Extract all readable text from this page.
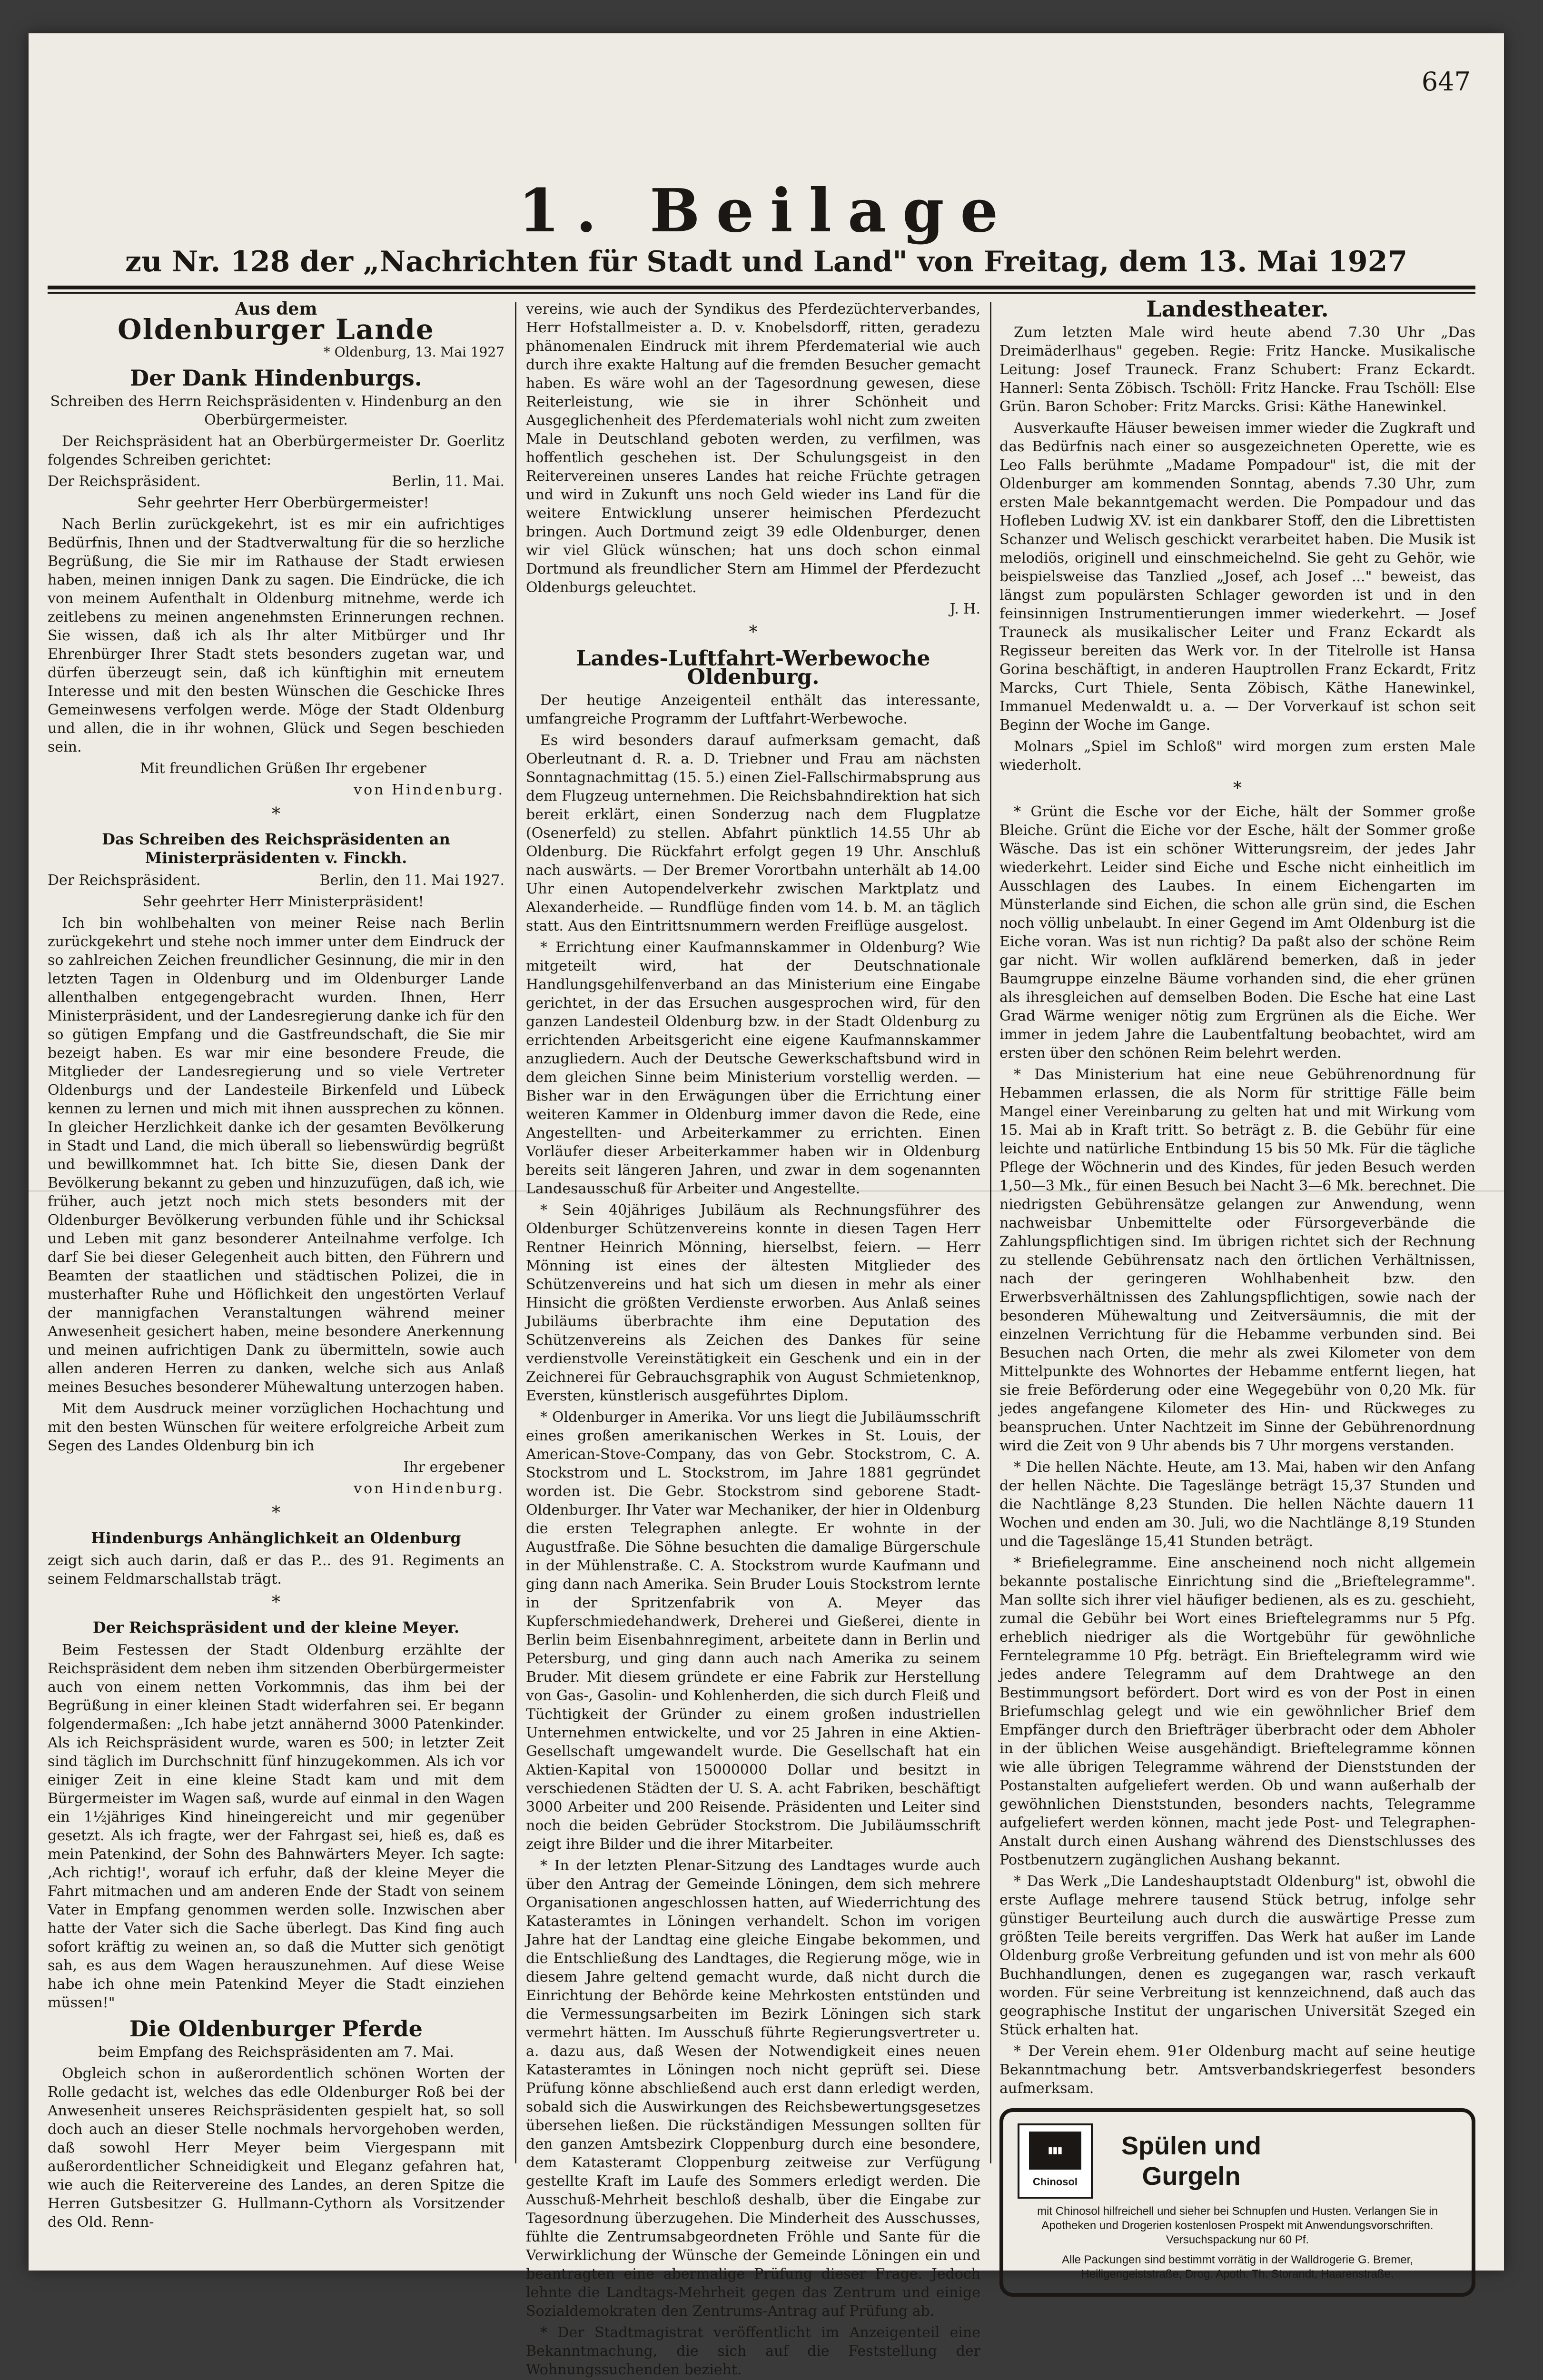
647
1. Beilage
zu Nr. 128 der „Nachrichten für Stadt und Land" von Freitag, dem 13. Mai 1927
Aus dem
Oldenburger Lande
* Oldenburg, 13. Mai 1927
Der Dank Hindenburgs.

Schreiben des Herrn Reichspräsidenten v. Hindenburg an den Oberbürgermeister.

Der Reichspräsident hat an Oberbürgermeister Dr. Goerlitz folgendes Schreiben gerichtet:

Der Reichspräsident.	Berlin, 11. Mai.

Sehr geehrter Herr Oberbürgermeister!

Nach Berlin zurückgekehrt, ist es mir ein aufrichtiges Bedürfnis, Ihnen und der Stadtverwaltung für die so herzliche Begrüßung, die Sie mir im Rathause der Stadt erwiesen haben, meinen innigen Dank zu sagen. Die Eindrücke, die ich von meinem Aufenthalt in Oldenburg mitnehme, werde ich zeitlebens zu meinen angenehmsten Erinnerungen rechnen. Sie wissen, daß ich als Ihr alter Mitbürger und Ihr Ehrenbürger Ihrer Stadt stets besonders zugetan war, und dürfen überzeugt sein, daß ich künftighin mit erneutem Interesse und mit den besten Wünschen die Geschicke Ihres Gemeinwesens verfolgen werde. Möge der Stadt Oldenburg und allen, die in ihr wohnen, Glück und Segen beschieden sein.

Mit freundlichen Grüßen Ihr ergebener

von Hindenburg.
*
Das Schreiben des Reichspräsidenten an Ministerpräsidenten v. Finckh.

Der Reichspräsident.	Berlin, den 11. Mai 1927.

Sehr geehrter Herr Ministerpräsident!

Ich bin wohlbehalten von meiner Reise nach Berlin zurückgekehrt und stehe noch immer unter dem Eindruck der so zahlreichen Zeichen freundlicher Gesinnung, die mir in den letzten Tagen in Oldenburg und im Oldenburger Lande allenthalben entgegengebracht wurden. Ihnen, Herr Ministerpräsident, und der Landesregierung danke ich für den so gütigen Empfang und die Gastfreundschaft, die Sie mir bezeigt haben. Es war mir eine besondere Freude, die Mitglieder der Landesregierung und so viele Vertreter Oldenburgs und der Landesteile Birkenfeld und Lübeck kennen zu lernen und mich mit ihnen aussprechen zu können. In gleicher Herzlichkeit danke ich der gesamten Bevölkerung in Stadt und Land, die mich überall so liebenswürdig begrüßt und bewillkommnet hat. Ich bitte Sie, diesen Dank der Bevölkerung bekannt zu geben und hinzuzufügen, daß ich, wie früher, auch jetzt noch mich stets besonders mit der Oldenburger Bevölkerung verbunden fühle und ihr Schicksal und Leben mit ganz besonderer Anteilnahme verfolge. Ich darf Sie bei dieser Gelegenheit auch bitten, den Führern und Beamten der staatlichen und städtischen Polizei, die in musterhafter Ruhe und Höflichkeit den ungestörten Verlauf der mannigfachen Veranstaltungen während meiner Anwesenheit gesichert haben, meine besondere Anerkennung und meinen aufrichtigen Dank zu übermitteln, sowie auch allen anderen Herren zu danken, welche sich aus Anlaß meines Besuches besonderer Mühewaltung unterzogen haben.

Mit dem Ausdruck meiner vorzüglichen Hochachtung und mit den besten Wünschen für weitere erfolgreiche Arbeit zum Segen des Landes Oldenburg bin ich

Ihr ergebener

von Hindenburg.
*
Hindenburgs Anhänglichkeit an Oldenburg

zeigt sich auch darin, daß er das P... des 91. Regiments an seinem Feldmarschallstab trägt.

*
Der Reichspräsident und der kleine Meyer.

Beim Festessen der Stadt Oldenburg erzählte der Reichspräsident dem neben ihm sitzenden Oberbürgermeister auch von einem netten Vorkommnis, das ihm bei der Begrüßung in einer kleinen Stadt widerfahren sei. Er begann folgendermaßen: „Ich habe jetzt annähernd 3000 Patenkinder. Als ich Reichspräsident wurde, waren es 500; in letzter Zeit sind täglich im Durchschnitt fünf hinzugekommen. Als ich vor einiger Zeit in eine kleine Stadt kam und mit dem Bürgermeister im Wagen saß, wurde auf einmal in den Wagen ein 1½jähriges Kind hineingereicht und mir gegenüber gesetzt. Als ich fragte, wer der Fahrgast sei, hieß es, daß es mein Patenkind, der Sohn des Bahnwärters Meyer. Ich sagte: ‚Ach richtig!', worauf ich erfuhr, daß der kleine Meyer die Fahrt mitmachen und am anderen Ende der Stadt von seinem Vater in Empfang genommen werden solle. Inzwischen aber hatte der Vater sich die Sache überlegt. Das Kind fing auch sofort kräftig zu weinen an, so daß die Mutter sich genötigt sah, es aus dem Wagen herauszunehmen. Auf diese Weise habe ich ohne mein Patenkind Meyer die Stadt einziehen müssen!"

Die Oldenburger Pferde

beim Empfang des Reichspräsidenten am 7. Mai.

Obgleich schon in außerordentlich schönen Worten der Rolle gedacht ist, welches das edle Oldenburger Roß bei der Anwesenheit unseres Reichspräsidenten gespielt hat, so soll doch auch an dieser Stelle nochmals hervorgehoben werden, daß sowohl Herr Meyer beim Viergespann mit außerordentlicher Schneidigkeit und Eleganz gefahren hat, wie auch die Reitervereine des Landes, an deren Spitze die Herren Gutsbesitzer G. Hullmann-Cythorn als Vorsitzender des Old. Renn-

vereins, wie auch der Syndikus des Pferdezüchterverbandes, Herr Hofstallmeister a. D. v. Knobelsdorff, ritten, geradezu phänomenalen Eindruck mit ihrem Pferdematerial wie auch durch ihre exakte Haltung auf die fremden Besucher gemacht haben. Es wäre wohl an der Tagesordnung gewesen, diese Reiterleistung, wie sie in ihrer Schönheit und Ausgeglichenheit des Pferdematerials wohl nicht zum zweiten Male in Deutschland geboten werden, zu verfilmen, was hoffentlich geschehen ist. Der Schulungsgeist in den Reitervereinen unseres Landes hat reiche Früchte getragen und wird in Zukunft uns noch Geld wieder ins Land für die weitere Entwicklung unserer heimischen Pferdezucht bringen. Auch Dortmund zeigt 39 edle Oldenburger, denen wir viel Glück wünschen; hat uns doch schon einmal Dortmund als freundlicher Stern am Himmel der Pferdezucht Oldenburgs geleuchtet.

J. H.

*
Landes-Luftfahrt-Werbewoche Oldenburg.

Der heutige Anzeigenteil enthält das interessante, umfangreiche Programm der Luftfahrt-Werbewoche.

Es wird besonders darauf aufmerksam gemacht, daß Oberleutnant d. R. a. D. Triebner und Frau am nächsten Sonntagnachmittag (15. 5.) einen Ziel-Fallschirmabsprung aus dem Flugzeug unternehmen. Die Reichsbahndirektion hat sich bereit erklärt, einen Sonderzug nach dem Flugplatze (Osenerfeld) zu stellen. Abfahrt pünktlich 14.55 Uhr ab Oldenburg. Die Rückfahrt erfolgt gegen 19 Uhr. Anschluß nach auswärts. — Der Bremer Vorortbahn unterhält ab 14.00 Uhr einen Autopendelverkehr zwischen Marktplatz und Alexanderheide. — Rundflüge finden vom 14. b. M. an täglich statt. Aus den Eintrittsnummern werden Freiflüge ausgelost.

* Errichtung einer Kaufmannskammer in Oldenburg? Wie mitgeteilt wird, hat der Deutschnationale Handlungsgehilfenverband an das Ministerium eine Eingabe gerichtet, in der das Ersuchen ausgesprochen wird, für den ganzen Landesteil Oldenburg bzw. in der Stadt Oldenburg zu errichtenden Arbeitsgericht eine eigene Kaufmannskammer anzugliedern. Auch der Deutsche Gewerkschaftsbund wird in dem gleichen Sinne beim Ministerium vorstellig werden. — Bisher war in den Erwägungen über die Errichtung einer weiteren Kammer in Oldenburg immer davon die Rede, eine Angestellten- und Arbeiterkammer zu errichten. Einen Vorläufer dieser Arbeiterkammer haben wir in Oldenburg bereits seit längeren Jahren, und zwar in dem sogenannten Landesausschuß für Arbeiter und Angestellte.

* Sein 40jähriges Jubiläum als Rechnungsführer des Oldenburger Schützenvereins konnte in diesen Tagen Herr Rentner Heinrich Mönning, hierselbst, feiern. — Herr Mönning ist eines der ältesten Mitglieder des Schützenvereins und hat sich um diesen in mehr als einer Hinsicht die größten Verdienste erworben. Aus Anlaß seines Jubiläums überbrachte ihm eine Deputation des Schützenvereins als Zeichen des Dankes für seine verdienstvolle Vereinstätigkeit ein Geschenk und ein in der Zeichnerei für Gebrauchsgraphik von August Schmietenknop, Eversten, künstlerisch ausgeführtes Diplom.

* Oldenburger in Amerika. Vor uns liegt die Jubiläumsschrift eines großen amerikanischen Werkes in St. Louis, der American-Stove-Company, das von Gebr. Stockstrom, C. A. Stockstrom und L. Stockstrom, im Jahre 1881 gegründet worden ist. Die Gebr. Stockstrom sind geborene Stadt-Oldenburger. Ihr Vater war Mechaniker, der hier in Oldenburg die ersten Telegraphen anlegte. Er wohnte in der Augustfraße. Die Söhne besuchten die damalige Bürgerschule in der Mühlenstraße. C. A. Stockstrom wurde Kaufmann und ging dann nach Amerika. Sein Bruder Louis Stockstrom lernte in der Spritzenfabrik von A. Meyer das Kupferschmiedehandwerk, Dreherei und Gießerei, diente in Berlin beim Eisenbahnregiment, arbeitete dann in Berlin und Petersburg, und ging dann auch nach Amerika zu seinem Bruder. Mit diesem gründete er eine Fabrik zur Herstellung von Gas-, Gasolin- und Kohlenherden, die sich durch Fleiß und Tüchtigkeit der Gründer zu einem großen industriellen Unternehmen entwickelte, und vor 25 Jahren in eine Aktien-Gesellschaft umgewandelt wurde. Die Gesellschaft hat ein Aktien-Kapital von 15000000 Dollar und besitzt in verschiedenen Städten der U. S. A. acht Fabriken, beschäftigt 3000 Arbeiter und 200 Reisende. Präsidenten und Leiter sind noch die beiden Gebrüder Stockstrom. Die Jubiläumsschrift zeigt ihre Bilder und die ihrer Mitarbeiter.

* In der letzten Plenar-Sitzung des Landtages wurde auch über den Antrag der Gemeinde Löningen, dem sich mehrere Organisationen angeschlossen hatten, auf Wiederrichtung des Katasteramtes in Löningen verhandelt. Schon im vorigen Jahre hat der Landtag eine gleiche Eingabe bekommen, und die Entschließung des Landtages, die Regierung möge, wie in diesem Jahre geltend gemacht wurde, daß nicht durch die Einrichtung der Behörde keine Mehrkosten entstünden und die Vermessungsarbeiten im Bezirk Löningen sich stark vermehrt hätten. Im Ausschuß führte Regierungsvertreter u. a. dazu aus, daß Wesen der Notwendigkeit eines neuen Katasteramtes in Löningen noch nicht geprüft sei. Diese Prüfung könne abschließend auch erst dann erledigt werden, sobald sich die Auswirkungen des Reichsbewertungsgesetzes übersehen ließen. Die rückständigen Messungen sollten für den ganzen Amtsbezirk Cloppenburg durch eine besondere, dem Katasteramt Cloppenburg zeitweise zur Verfügung gestellte Kraft im Laufe des Sommers erledigt werden. Die Ausschuß-Mehrheit beschloß deshalb, über die Eingabe zur Tagesordnung überzugehen. Die Minderheit des Ausschusses, fühlte die Zentrumsabgeordneten Fröhle und Sante für die Verwirklichung der Wünsche der Gemeinde Löningen ein und beantragten eine abermalige Prüfung dieser Frage. Jedoch lehnte die Landtags-Mehrheit gegen das Zentrum und einige Sozialdemokraten den Zentrums-Antrag auf Prüfung ab.

* Der Stadtmagistrat veröffentlicht im Anzeigenteil eine Bekanntmachung, die sich auf die Feststellung der Wohnungssuchenden bezieht.

Landestheater.

Zum letzten Male wird heute abend 7.30 Uhr „Das Dreimäderlhaus" gegeben. Regie: Fritz Hancke. Musikalische Leitung: Josef Trauneck. Franz Schubert: Franz Eckardt. Hannerl: Senta Zöbisch. Tschöll: Fritz Hancke. Frau Tschöll: Else Grün. Baron Schober: Fritz Marcks. Grisi: Käthe Hanewinkel.

Ausverkaufte Häuser beweisen immer wieder die Zugkraft und das Bedürfnis nach einer so ausgezeichneten Operette, wie es Leo Falls berühmte „Madame Pompadour" ist, die mit der Oldenburger am kommenden Sonntag, abends 7.30 Uhr, zum ersten Male bekanntgemacht werden. Die Pompadour und das Hofleben Ludwig XV. ist ein dankbarer Stoff, den die Librettisten Schanzer und Welisch geschickt verarbeitet haben. Die Musik ist melodiös, originell und einschmeichelnd. Sie geht zu Gehör, wie beispielsweise das Tanzlied „Josef, ach Josef ..." beweist, das längst zum populärsten Schlager geworden ist und in den feinsinnigen Instrumentierungen immer wiederkehrt. — Josef Trauneck als musikalischer Leiter und Franz Eckardt als Regisseur bereiten das Werk vor. In der Titelrolle ist Hansa Gorina beschäftigt, in anderen Hauptrollen Franz Eckardt, Fritz Marcks, Curt Thiele, Senta Zöbisch, Käthe Hanewinkel, Immanuel Medenwaldt u. a. — Der Vorverkauf ist schon seit Beginn der Woche im Gange.

Molnars „Spiel im Schloß" wird morgen zum ersten Male wiederholt.

*

* Grünt die Esche vor der Eiche, hält der Sommer große Bleiche. Grünt die Eiche vor der Esche, hält der Sommer große Wäsche. Das ist ein schöner Witterungsreim, der jedes Jahr wiederkehrt. Leider sind Eiche und Esche nicht einheitlich im Ausschlagen des Laubes. In einem Eichengarten im Münsterlande sind Eichen, die schon alle grün sind, die Eschen noch völlig unbelaubt. In einer Gegend im Amt Oldenburg ist die Eiche voran. Was ist nun richtig? Da paßt also der schöne Reim gar nicht. Wir wollen aufklärend bemerken, daß in jeder Baumgruppe einzelne Bäume vorhanden sind, die eher grünen als ihresgleichen auf demselben Boden. Die Esche hat eine Last Grad Wärme weniger nötig zum Ergrünen als die Eiche. Wer immer in jedem Jahre die Laubentfaltung beobachtet, wird am ersten über den schönen Reim belehrt werden.

* Das Ministerium hat eine neue Gebührenordnung für Hebammen erlassen, die als Norm für strittige Fälle beim Mangel einer Vereinbarung zu gelten hat und mit Wirkung vom 15. Mai ab in Kraft tritt. So beträgt z. B. die Gebühr für eine leichte und natürliche Entbindung 15 bis 50 Mk. Für die tägliche Pflege der Wöchnerin und des Kindes, für jeden Besuch werden 1,50—3 Mk., für einen Besuch bei Nacht 3—6 Mk. berechnet. Die niedrigsten Gebührensätze gelangen zur Anwendung, wenn nachweisbar Unbemittelte oder Fürsorgeverbände die Zahlungspflichtigen sind. Im übrigen richtet sich der Rechnung zu stellende Gebührensatz nach den örtlichen Verhältnissen, nach der geringeren Wohlhabenheit bzw. den Erwerbsverhältnissen des Zahlungspflichtigen, sowie nach der besonderen Mühewaltung und Zeitversäumnis, die mit der einzelnen Verrichtung für die Hebamme verbunden sind. Bei Besuchen nach Orten, die mehr als zwei Kilometer von dem Mittelpunkte des Wohnortes der Hebamme entfernt liegen, hat sie freie Beförderung oder eine Wegegebühr von 0,20 Mk. für jedes angefangene Kilometer des Hin- und Rückweges zu beanspruchen. Unter Nachtzeit im Sinne der Gebührenordnung wird die Zeit von 9 Uhr abends bis 7 Uhr morgens verstanden.

* Die hellen Nächte. Heute, am 13. Mai, haben wir den Anfang der hellen Nächte. Die Tageslänge beträgt 15,37 Stunden und die Nachtlänge 8,23 Stunden. Die hellen Nächte dauern 11 Wochen und enden am 30. Juli, wo die Nachtlänge 8,19 Stunden und die Tageslänge 15,41 Stunden beträgt.

* Briefielegramme. Eine anscheinend noch nicht allgemein bekannte postalische Einrichtung sind die „Brieftelegramme". Man sollte sich ihrer viel häufiger bedienen, als es zu. geschieht, zumal die Gebühr bei Wort eines Brieftelegramms nur 5 Pfg. erheblich niedriger als die Wortgebühr für gewöhnliche Ferntelegramme 10 Pfg. beträgt. Ein Brieftelegramm wird wie jedes andere Telegramm auf dem Drahtwege an den Bestimmungsort befördert. Dort wird es von der Post in einen Briefumschlag gelegt und wie ein gewöhnlicher Brief dem Empfänger durch den Briefträger überbracht oder dem Abholer in der üblichen Weise ausgehändigt. Brieftelegramme können wie alle übrigen Telegramme während der Dienststunden der Postanstalten aufgeliefert werden. Ob und wann außerhalb der gewöhnlichen Dienststunden, besonders nachts, Telegramme aufgeliefert werden können, macht jede Post- und Telegraphen-Anstalt durch einen Aushang während des Dienstschlusses des Postbenutzern zugänglichen Aushang bekannt.

* Das Werk „Die Landeshauptstadt Oldenburg" ist, obwohl die erste Auflage mehrere tausend Stück betrug, infolge sehr günstiger Beurteilung auch durch die auswärtige Presse zum größten Teile bereits vergriffen. Das Werk hat außer im Lande Oldenburg große Verbreitung gefunden und ist von mehr als 600 Buchhandlungen, denen es zugegangen war, rasch verkauft worden. Für seine Verbreitung ist kennzeichnend, daß auch das geographische Institut der ungarischen Universität Szeged ein Stück erhalten hat.

* Der Verein ehem. 91er Oldenburg macht auf seine heutige Bekanntmachung betr. Amtsverbandskriegerfest besonders aufmerksam.

▮▮▮
Chinosol
Spülen und
Gurgeln
mit Chinosol hilfreichell und sieher bei Schnupfen und Husten. Verlangen Sie in Apotheken und Drogerien kostenlosen Prospekt mit Anwendungsvorschriften. Versuchspackung nur 60 Pf.
Alle Packungen sind bestimmt vorrätig in der Walldrogerie G. Bremer, Heiligengeiststraße, Drog. Apoth. Th. Storandt, Haarenstraße.
